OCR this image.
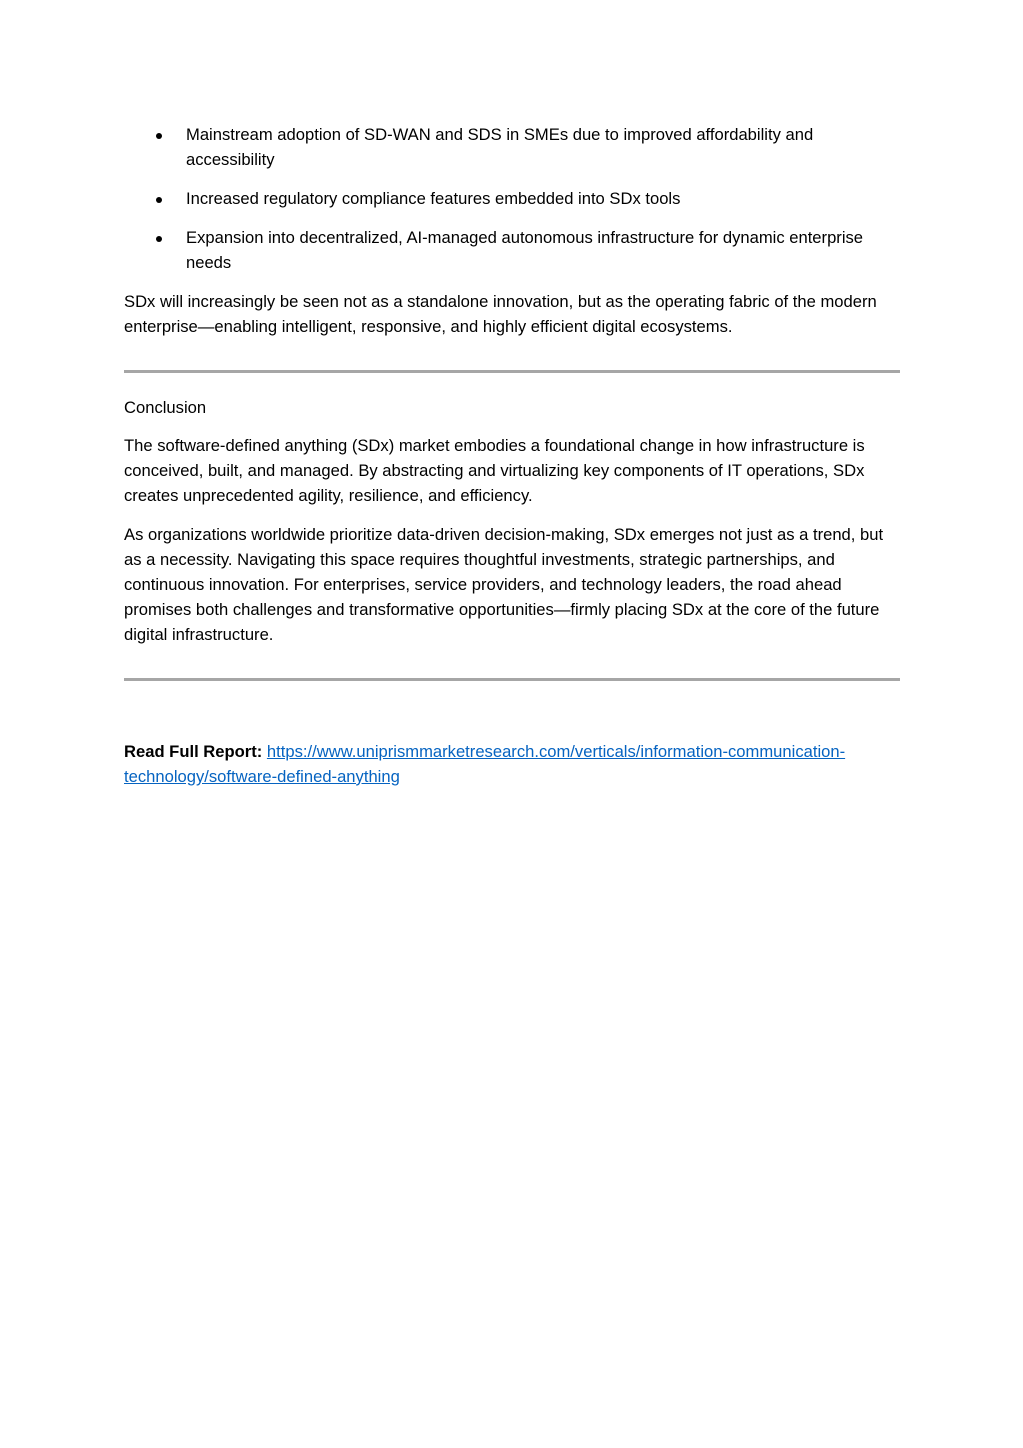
Mainstream adoption of SD-WAN and SDS in SMEs due to improved affordability and accessibility
Increased regulatory compliance features embedded into SDx tools
Expansion into decentralized, AI-managed autonomous infrastructure for dynamic enterprise needs

SDx will increasingly be seen not as a standalone innovation, but as the operating fabric of the modern enterprise—enabling intelligent, responsive, and highly efficient digital ecosystems.

Conclusion

The software-defined anything (SDx) market embodies a foundational change in how infrastructure is conceived, built, and managed. By abstracting and virtualizing key components of IT operations, SDx creates unprecedented agility, resilience, and efficiency.

As organizations worldwide prioritize data-driven decision-making, SDx emerges not just as a trend, but as a necessity. Navigating this space requires thoughtful investments, strategic partnerships, and continuous innovation. For enterprises, service providers, and technology leaders, the road ahead promises both challenges and transformative opportunities—firmly placing SDx at the core of the future digital infrastructure.

Read Full Report: https://www.uniprismmarketresearch.com/verticals/information-communication-technology/software-defined-anything
